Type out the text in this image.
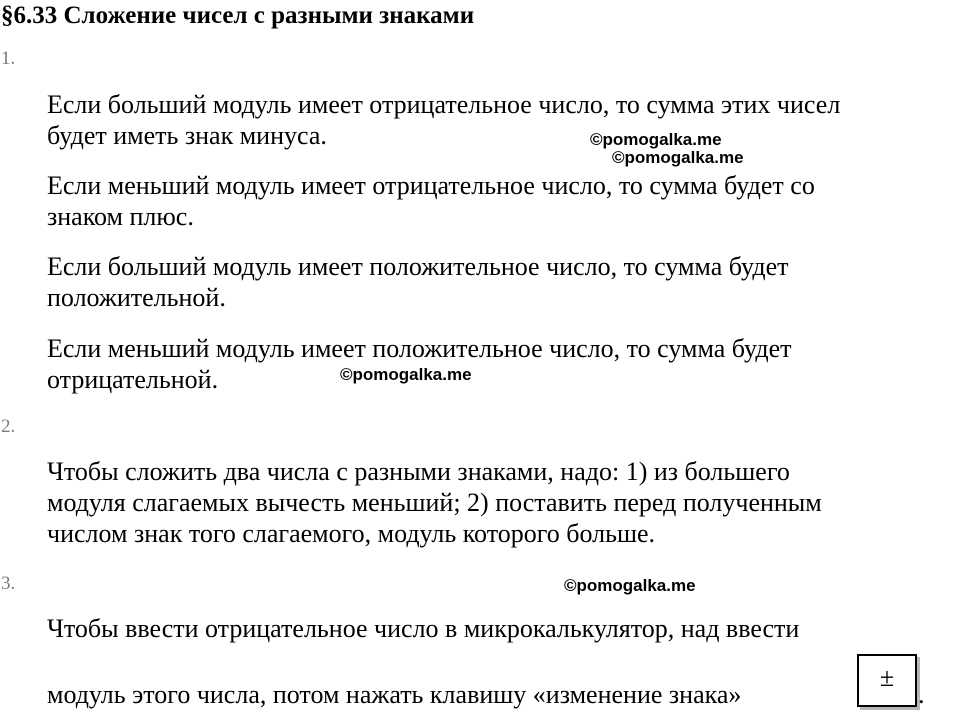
§6.33 Сложение чисел с разными знаками
1.
Если больший модуль имеет отрицательное число, то сумма этих чисел
будет иметь знак минуса.
Если меньший модуль имеет отрицательное число, то сумма будет со
знаком плюс.
Если больший модуль имеет положительное число, то сумма будет
положительной.
Если меньший модуль имеет положительное число, то сумма будет
отрицательной.
2.
Чтобы сложить два числа с разными знаками, надо: 1) из большего
модуля слагаемых вычесть меньший; 2) поставить перед полученным
числом знак того слагаемого, модуль которого больше.
3.
Чтобы ввести отрицательное число в микрокалькулятор, над ввести
модуль этого числа, потом нажать клавишу «изменение знака»
±
.
©pomogalka.me
©pomogalka.me
©pomogalka.me
©pomogalka.me
